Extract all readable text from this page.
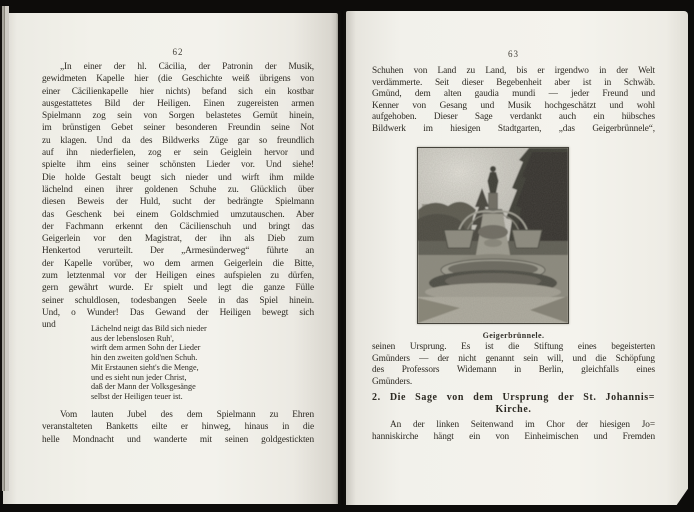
62
„In einer der hl. Cäcilia, der Patronin der Musik,
gewidmeten Kapelle hier (die Geschichte weiß übrigens von
einer Cäcilienkapelle hier nichts) befand sich ein kostbar
ausgestattetes Bild der Heiligen. Einen zugereisten armen
Spielmann zog sein von Sorgen belastetes Gemüt hinein,
im brünstigen Gebet seiner besonderen Freundin seine Not
zu klagen. Und da des Bildwerks Züge gar so freundlich
auf ihn niederfielen, zog er sein Geiglein hervor und
spielte ihm eins seiner schönsten Lieder vor. Und siehe!
Die holde Gestalt beugt sich nieder und wirft ihm milde
lächelnd einen ihrer goldenen Schuhe zu. Glücklich über
diesen Beweis der Huld, sucht der bedrängte Spielmann
das Geschenk bei einem Goldschmied umzutauschen. Aber
der Fachmann erkennt den Cäcilienschuh und bringt das
Geigerlein vor den Magistrat, der ihn als Dieb zum
Henkertod verurteilt. Der „Armesünderweg“ führte an
der Kapelle vorüber, wo dem armen Geigerlein die Bitte,
zum letztenmal vor der Heiligen eines aufspielen zu dürfen,
gern gewährt wurde. Er spielt und legt die ganze Fülle
seiner schuldlosen, todesbangen Seele in das Spiel hinein.
Und, o Wunder! Das Gewand der Heiligen bewegt sich
und	Lächelnd neigt das Bild sich nieder
aus der lebenslosen Ruh',
wirft dem armen Sohn der Lieder
hin den zweiten gold'nen Schuh.
Mit Erstaunen sieht's die Menge,
und es sieht nun jeder Christ,
daß der Mann der Volksgesänge
selbst der Heiligen teuer ist.
Vom lauten Jubel des dem Spielmann zu Ehren
veranstalteten Banketts eilte er hinweg, hinaus in die
helle Mondnacht und wanderte mit seinen goldgestickten
63
Schuhen von Land zu Land, bis er irgendwo in der Welt
verdämmerte. Seit dieser Begebenheit aber ist in Schwäb.
Gmünd, dem alten gaudia mundi — jeder Freund und
Kenner von Gesang und Musik hochgeschätzt und wohl
aufgehoben. Dieser Sage verdankt auch ein hübsches
Bildwerk im hiesigen Stadtgarten, „das Geigerbrünnele“,
Geigerbrünnele.
seinen Ursprung. Es ist die Stiftung eines begeisterten
Gmünders — der nicht genannt sein will, und die Schöpfung
des Professors Widemann in Berlin, gleichfalls eines
Gmünders.
2. Die Sage von dem Ursprung der St. Johannis=
Kirche.
An der linken Seitenwand im Chor der hiesigen Jo=
hanniskirche hängt ein von Einheimischen und Fremden
